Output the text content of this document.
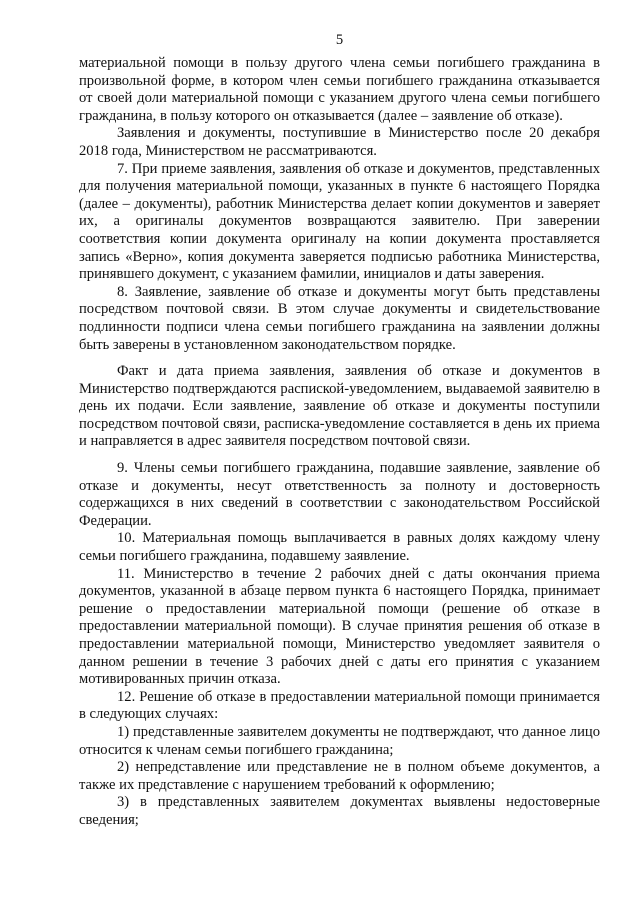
5

материальной помощи в пользу другого члена семьи погибшего гражданина в произвольной форме, в котором член семьи погибшего гражданина отказывается от своей доли материальной помощи с указанием другого члена семьи погибшего гражданина, в пользу которого он отказывается (далее – заявление об отказе).

Заявления и документы, поступившие в Министерство после 20 декабря 2018 года, Министерством не рассматриваются.

7. При приеме заявления, заявления об отказе и документов, представленных для получения материальной помощи, указанных в пункте 6 настоящего Порядка (далее – документы), работник Министерства делает копии документов и заверяет их, а оригиналы документов возвращаются заявителю. При заверении соответствия копии документа оригиналу на копии документа проставляется запись «Верно», копия документа заверяется подписью работника Министерства, принявшего документ, с указанием фамилии, инициалов и даты заверения.

8. Заявление, заявление об отказе и документы могут быть представлены посредством почтовой связи. В этом случае документы и свидетельствование подлинности подписи члена семьи погибшего гражданина на заявлении должны быть заверены в установленном законодательством порядке.

Факт и дата приема заявления, заявления об отказе и документов в Министерство подтверждаются распиской-уведомлением, выдаваемой заявителю в день их подачи. Если заявление, заявление об отказе и документы поступили посредством почтовой связи, расписка-уведомление составляется в день их приема и направляется в адрес заявителя посредством почтовой связи.

9. Члены семьи погибшего гражданина, подавшие заявление, заявление об отказе и документы, несут ответственность за полноту и достоверность содержащихся в них сведений в соответствии с законодательством Российской Федерации.

10. Материальная помощь выплачивается в равных долях каждому члену семьи погибшего гражданина, подавшему заявление.

11. Министерство в течение 2 рабочих дней с даты окончания приема документов, указанной в абзаце первом пункта 6 настоящего Порядка, принимает решение о предоставлении материальной помощи (решение об отказе в предоставлении материальной помощи). В случае принятия решения об отказе в предоставлении материальной помощи, Министерство уведомляет заявителя о данном решении в течение 3 рабочих дней с даты его принятия с указанием мотивированных причин отказа.

12. Решение об отказе в предоставлении материальной помощи принимается в следующих случаях:

1) представленные заявителем документы не подтверждают, что данное лицо относится к членам семьи погибшего гражданина;

2) непредставление или представление не в полном объеме документов, а также их представление с нарушением требований к оформлению;

3) в представленных заявителем документах выявлены недостоверные сведения;
